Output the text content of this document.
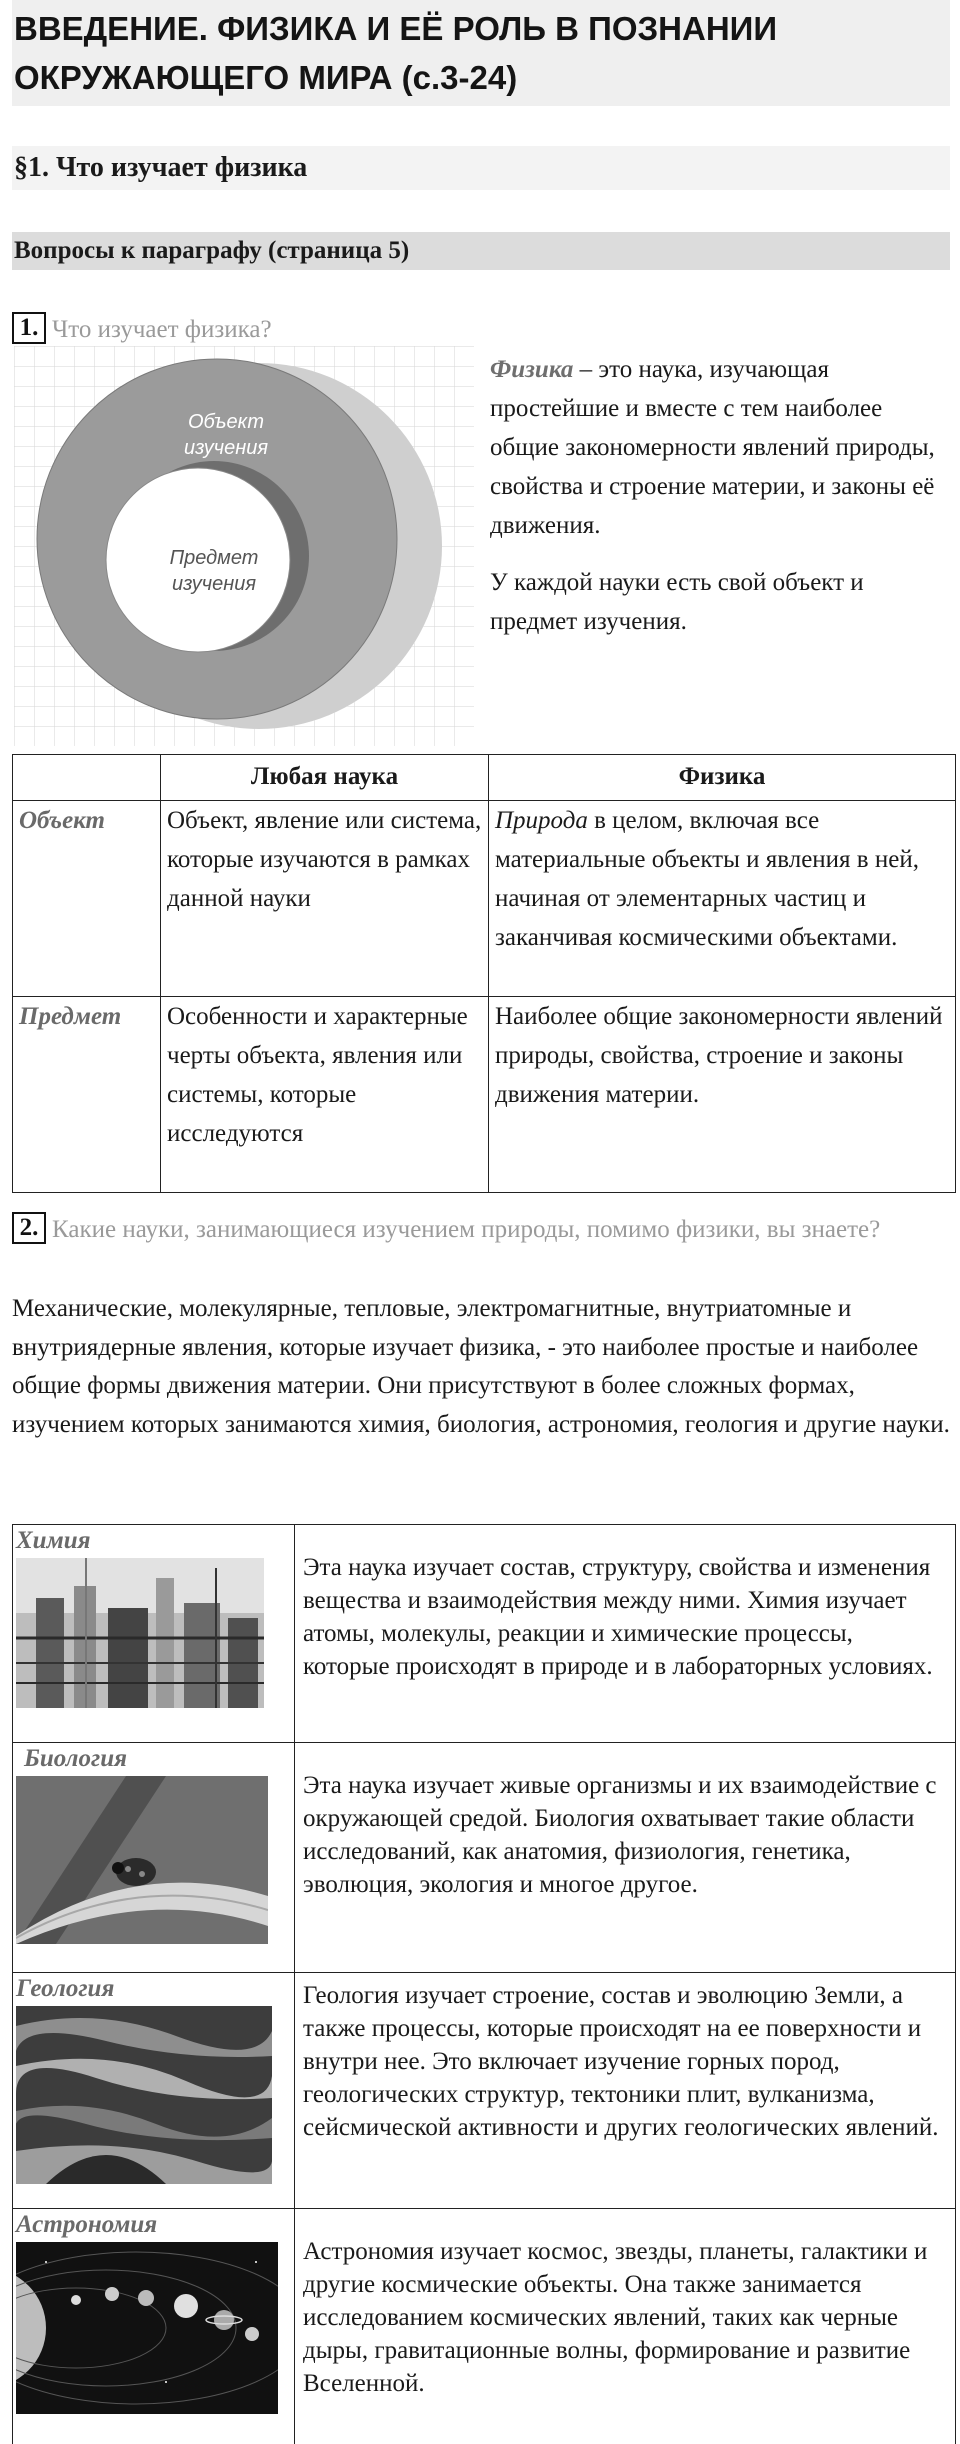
ВВЕДЕНИЕ. ФИЗИКА И ЕЁ РОЛЬ В ПОЗНАНИИ
ОКРУЖАЮЩЕГО МИРА (с.3-24)
§1. Что изучает физика
Вопросы к параграфу (страница 5)
1. Что изучает физика?
Объект
изучения
Предмет
изучения

Физика – это наука, изучающая простейшие и вместе с тем наиболее общие закономерности явлений природы, свойства и строение материи, и законы её движения.

У каждой науки есть свой объект и предмет изучения.

	Любая наука	Физика
Объект	Объект, явление или система, которые изучаются в рамках данной науки	Природа в целом, включая все материальные объекты и явления в ней, начиная от элементарных частиц и заканчивая космическими объектами.
Предмет	Особенности и характерные черты объекта, явления или системы, которые исследуются	Наиболее общие закономерности явлений природы, свойства, строение и законы движения материи.
2. Какие науки, занимающиеся изучением природы, помимо физики, вы знаете?
Механические, молекулярные, тепловые, электромагнитные, внутриатомные и внутриядерные явления, которые изучает физика, - это наиболее простые и наиболее общие формы движения материи. Они присутствуют в более сложных формах, изучением которых занимаются химия, биология, астрономия, геология и другие науки.
Химия	Эта наука изучает состав, структуру, свойства и изменения вещества и взаимодействия между ними. Химия изучает атомы, молекулы, реакции и химические процессы, которые происходят в природе и в лабораторных условиях.

Биология	Эта наука изучает живые организмы и их взаимодействие с окружающей средой. Биология охватывает такие области исследований, как анатомия, физиология, генетика, эволюция, экология и многое другое.

Геология	Геология изучает строение, состав и эволюцию Земли, а также процессы, которые происходят на ее поверхности и внутри нее. Это включает изучение горных пород, геологических структур, тектоники плит, вулканизма, сейсмической активности и других геологических явлений.

Астрономия	Астрономия изучает космос, звезды, планеты, галактики и другие космические объекты. Она также занимается исследованием космических явлений, таких как черные дыры, гравитационные волны, формирование и развитие Вселенной.
